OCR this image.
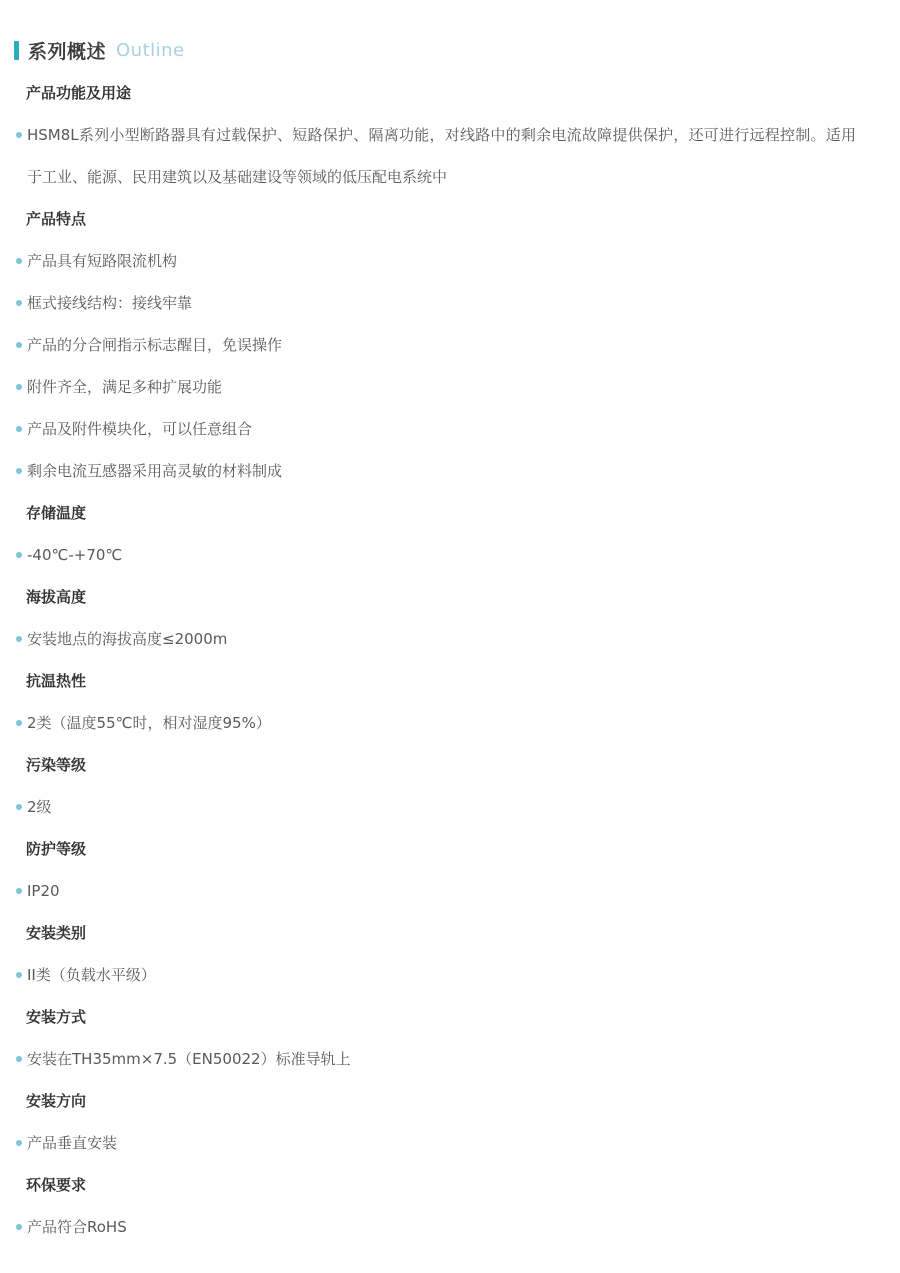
系列概述 Outline
产品功能及用途
HSM8L系列小型断路器具有过载保护、短路保护、隔离功能，对线路中的剩余电流故障提供保护，还可进行远程控制。适用于工业、能源、民用建筑以及基础建设等领域的低压配电系统中
产品特点
产品具有短路限流机构
框式接线结构：接线牢靠
产品的分合闸指示标志醒目，免误操作
附件齐全，满足多种扩展功能
产品及附件模块化，可以任意组合
剩余电流互感器采用高灵敏的材料制成
存储温度
-40℃-+70℃
海拔高度
安装地点的海拔高度≤2000m
抗温热性
2类（温度55℃时，相对湿度95%）
污染等级
2级
防护等级
IP20
安装类别
II类（负载水平级）
安装方式
安装在TH35mm×7.5（EN50022）标准导轨上
安装方向
产品垂直安装
环保要求
产品符合RoHS
